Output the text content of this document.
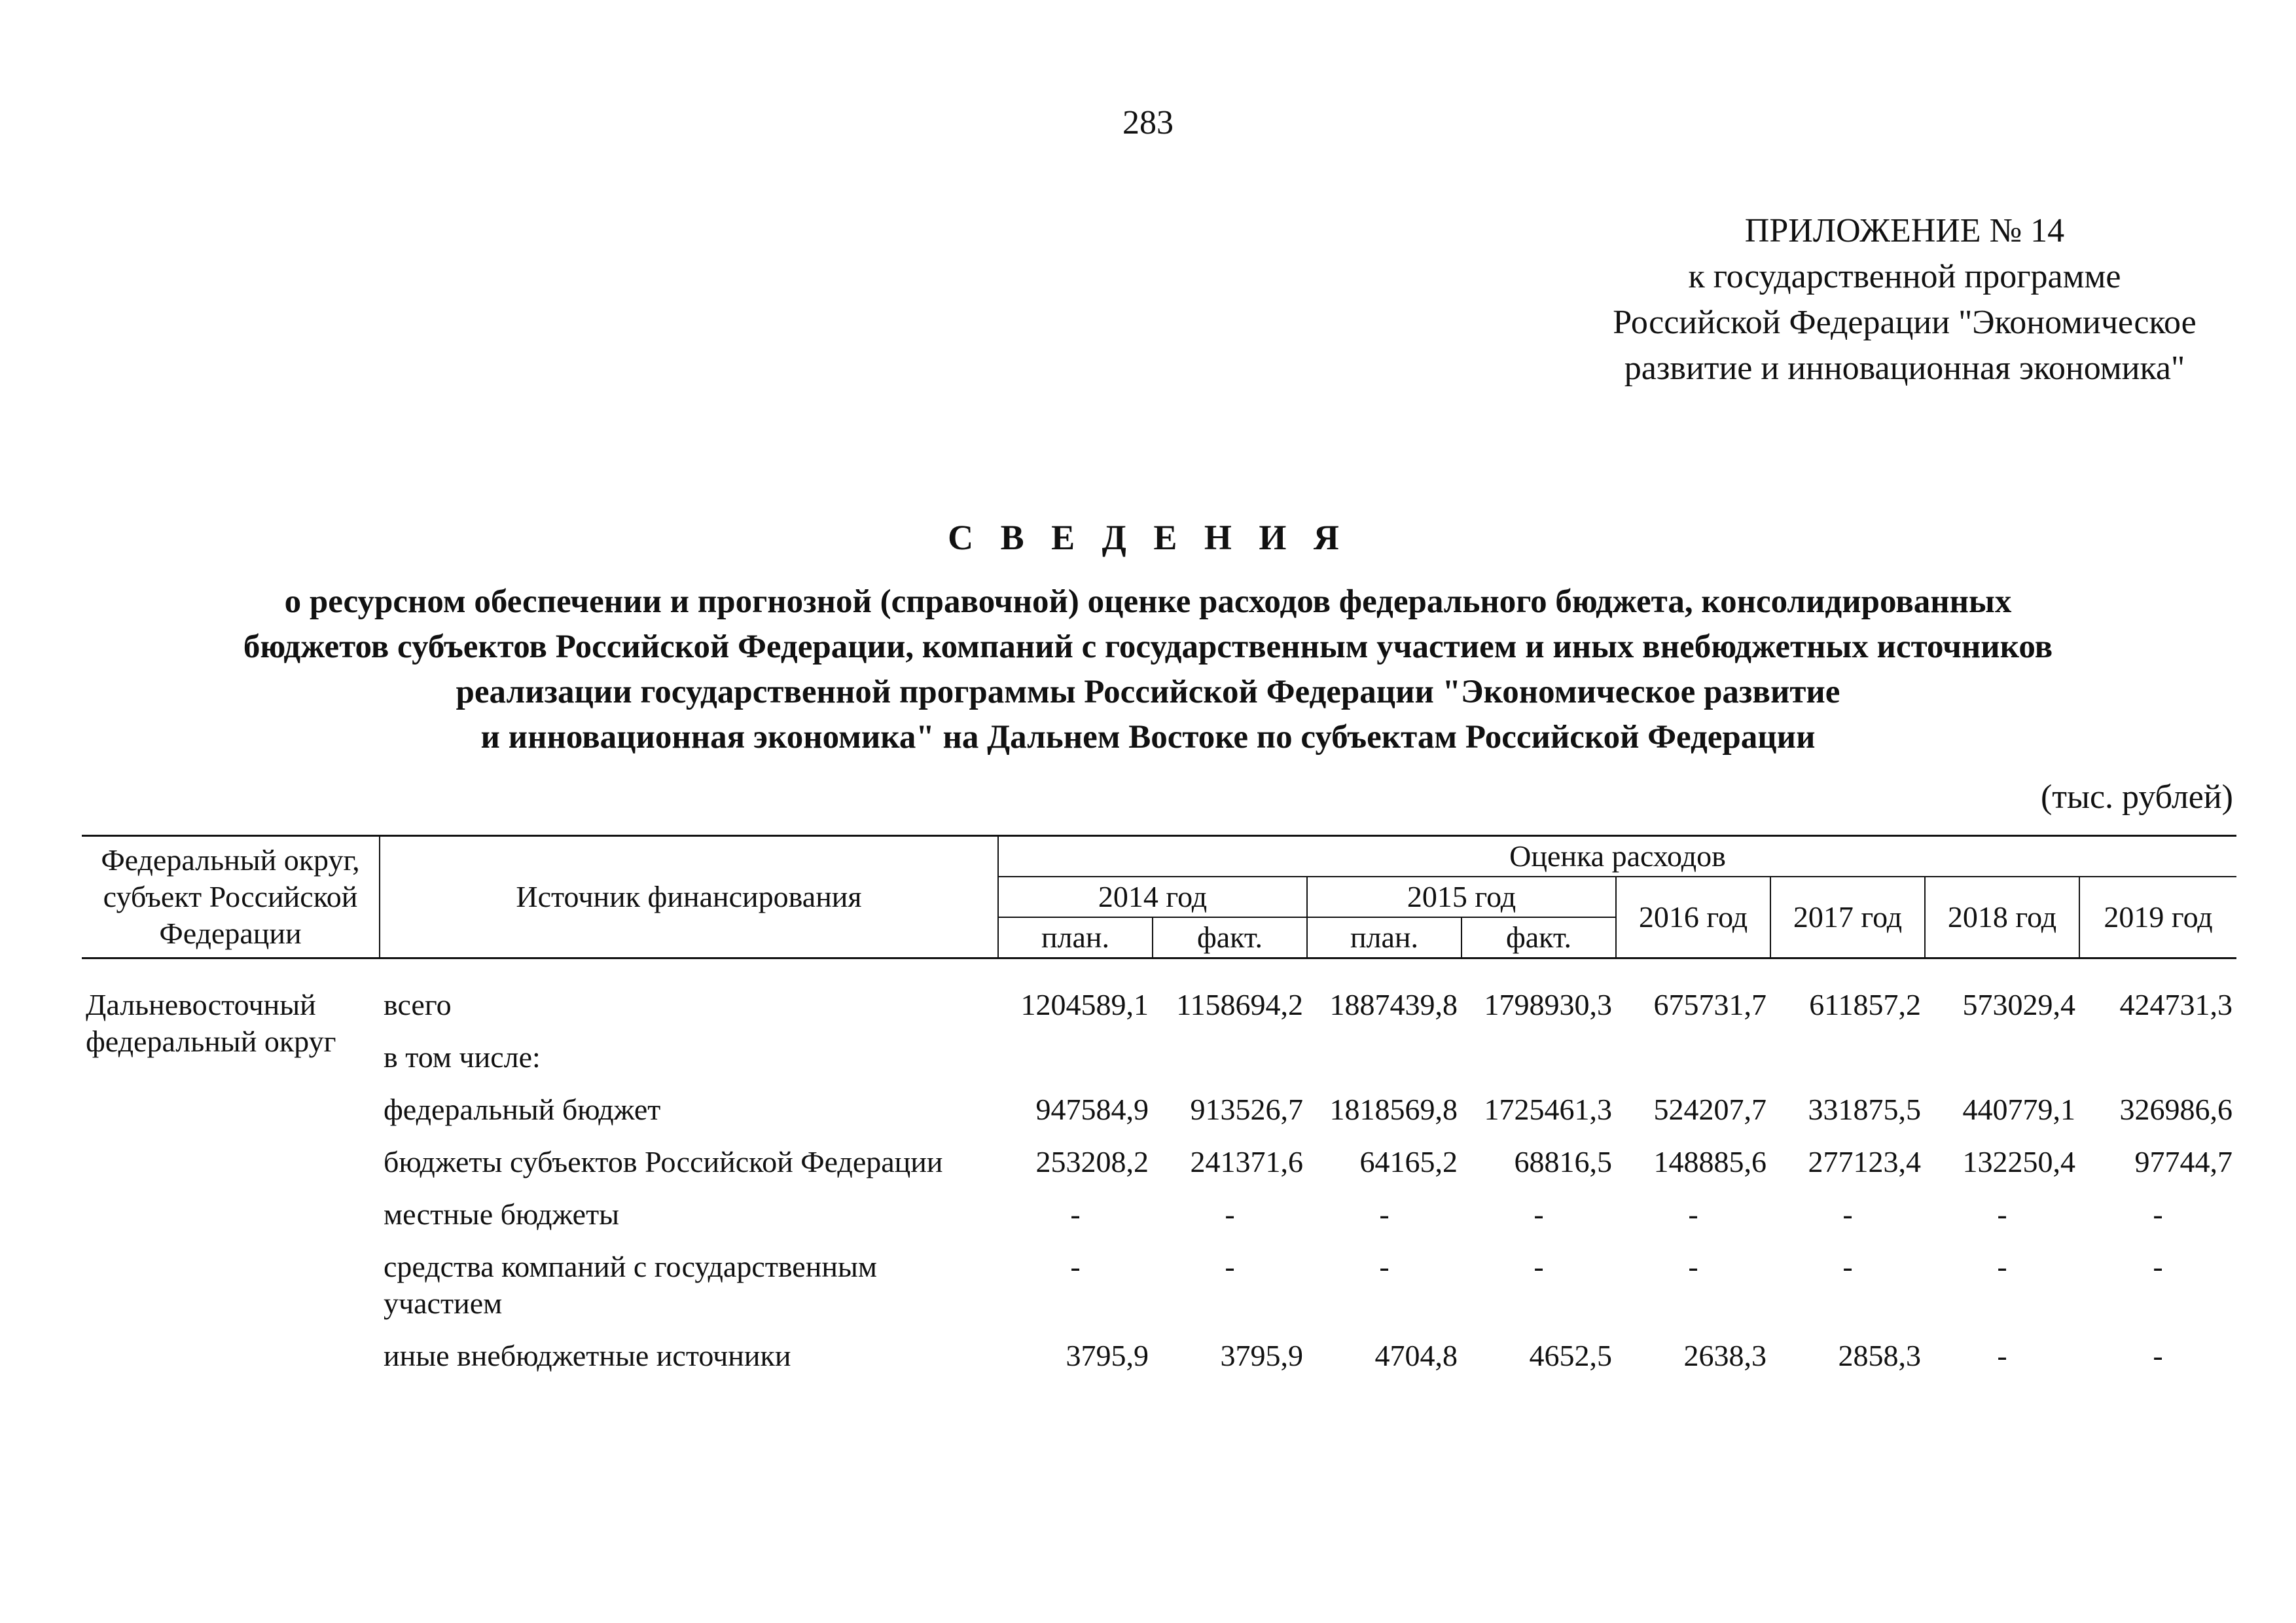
283
ПРИЛОЖЕНИЕ № 14
к государственной программе
Российской Федерации "Экономическое
развитие и инновационная экономика"
С В Е Д Е Н И Я
о ресурсном обеспечении и прогнозной (справочной) оценке расходов федерального бюджета, консолидированных
бюджетов субъектов Российской Федерации, компаний с государственным участием и иных внебюджетных источников
реализации государственной программы Российской Федерации "Экономическое развитие
и инновационная экономика" на Дальнем Востоке по субъектам Российской Федерации
(тыс. рублей)
Федеральный округ, субъект Российской Федерации	Источник финансирования	Оценка расходов							
		2014 год		2015 год		2016 год	2017 год	2018 год	2019 год
		план.	факт.	план.	факт.				

Дальневосточный федеральный округ	всего	1204589,1	1158694,2	1887439,8	1798930,3	675731,7	611857,2	573029,4	424731,3
	в том числе:								
	федеральный бюджет	947584,9	913526,7	1818569,8	1725461,3	524207,7	331875,5	440779,1	326986,6
	бюджеты субъектов Российской Федерации	253208,2	241371,6	64165,2	68816,5	148885,6	277123,4	132250,4	97744,7
	местные бюджеты	-	-	-	-	-	-	-	-
	средства компаний с государственным участием	-	-	-	-	-	-	-	-
	иные внебюджетные источники	3795,9	3795,9	4704,8	4652,5	2638,3	2858,3	-	-
